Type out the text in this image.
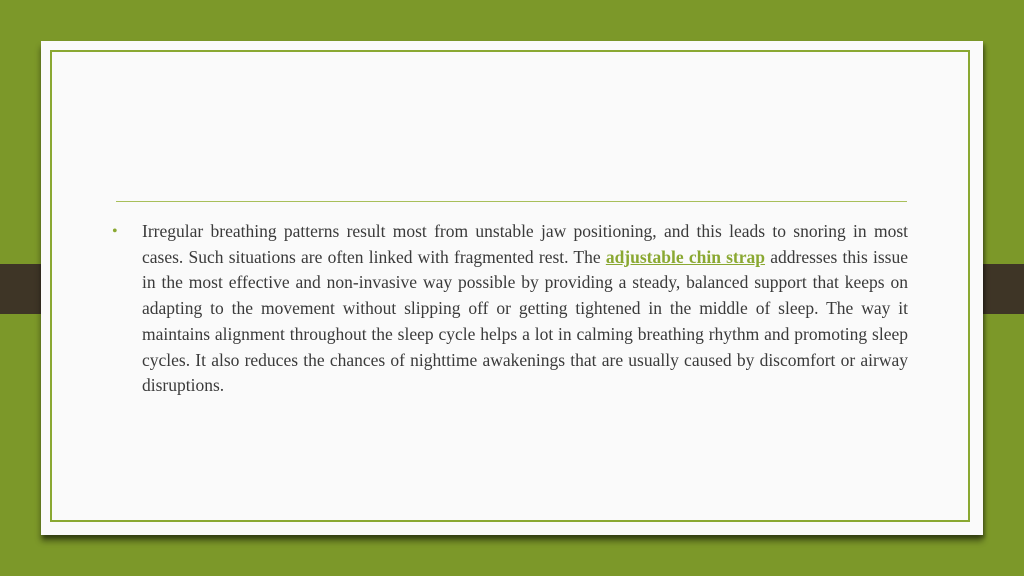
• Irregular breathing patterns result most from unstable jaw positioning, and this leads to snoring in most cases. Such situations are often linked with fragmented rest. The adjustable chin strap addresses this issue in the most effective and non-invasive way possible by providing a steady, balanced support that keeps on adapting to the movement without slipping off or getting tightened in the middle of sleep. The way it maintains alignment throughout the sleep cycle helps a lot in calming breathing rhythm and promoting sleep cycles. It also reduces the chances of nighttime awakenings that are usually caused by discomfort or airway disruptions.
